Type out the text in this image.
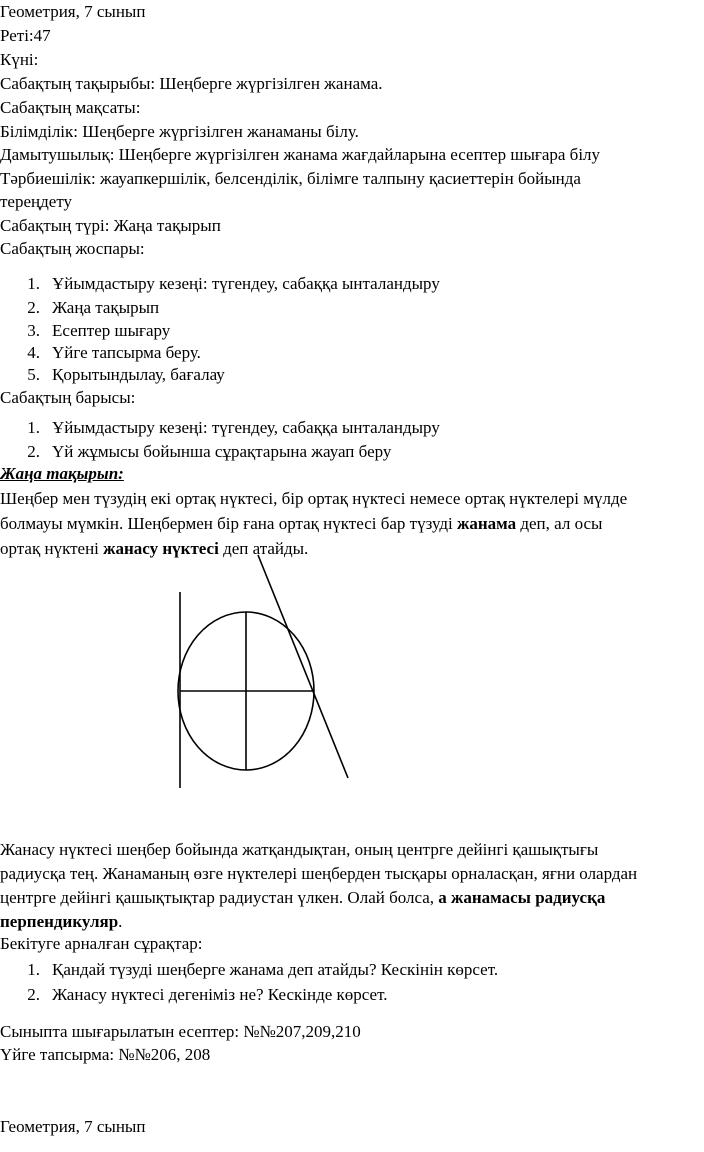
Геометрия, 7 сынып
Реті:47
Күні:
Сабақтың тақырыбы: Шеңберге жүргізілген жанама.
Сабақтың мақсаты:
Білімділік: Шеңберге жүргізілген жанаманы білу.
Дамытушылық: Шеңберге жүргізілген жанама жағдайларына есептер шығара білу
Тәрбиешілік: жауапкершілік, белсенділік, білімге талпыну қасиеттерін бойында
тереңдету
Сабақтың түрі: Жаңа тақырып
Сабақтың жоспары:
1. Ұйымдастыру кезеңі: түгендеу, сабаққа ынталандыру
2. Жаңа тақырып
3. Есептер шығару
4. Үйге тапсырма беру.
5. Қорытындылау, бағалау
Сабақтың барысы:
1. Ұйымдастыру кезеңі: түгендеу, сабаққа ынталандыру
2. Үй жұмысы бойынша сұрақтарына жауап беру
Жаңа тақырып:
Шеңбер мен түзудің екі ортақ нүктесі, бір ортақ нүктесі немесе ортақ нүктелері мүлде
болмауы мүмкін. Шеңбермен бір ғана ортақ нүктесі бар түзуді жанама деп, ал осы
ортақ нүктені жанасу нүктесі деп атайды.
Жанасу нүктесі шеңбер бойында жатқандықтан, оның центрге дейінгі қашықтығы
радиусқа тең. Жанаманың өзге нүктелері шеңберден тысқары орналасқан, яғни олардан
центрге дейінгі қашықтықтар радиустан үлкен. Олай болса, а жанамасы радиусқа
перпендикуляр.
Бекітуге арналған сұрақтар:
1. Қандай түзуді шеңберге жанама деп атайды? Кескінін көрсет.
2. Жанасу нүктесі дегеніміз не? Кескінде көрсет.
Сыныпта шығарылатын есептер: №№207,209,210
Үйге тапсырма: №№206, 208
Геометрия, 7 сынып
